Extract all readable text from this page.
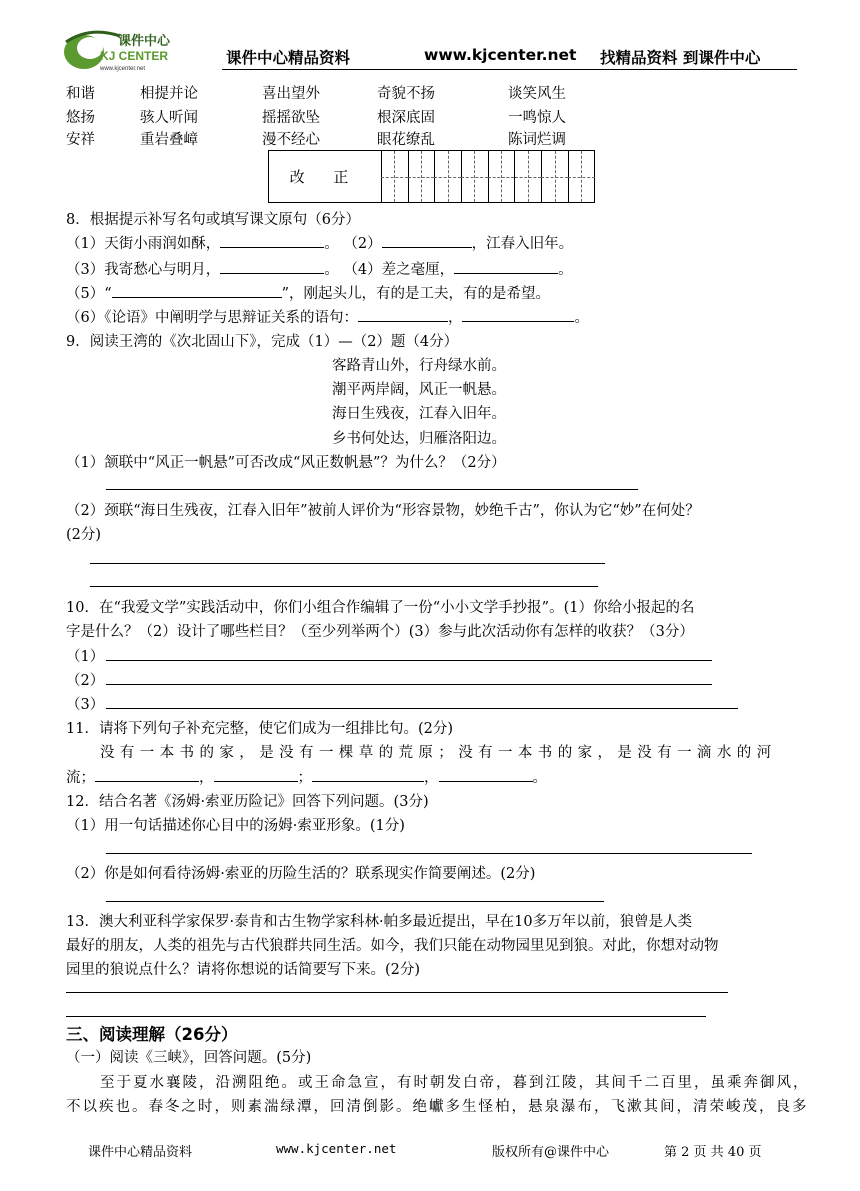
课件中心
KJ CENTER
www.kjcenter.net
课件中心精品资料	www.kjcenter.net 找精品资料 到课件中心
和谐	相提并论	喜出望外	奇貌不扬	谈笑风生
悠扬	骇人听闻	摇摇欲坠	根深底固	一鸣惊人
安祥	重岩叠嶂	漫不经心	眼花缭乱	陈词烂调
改 正
8．根据提示补写名句或填写课文原句（6分）
（1）天街小雨润如酥，	。 （2）	，江春入旧年。
（3）我寄愁心与明月，	。 （4）差之毫厘，	。
（5）“	”，刚起头儿，有的是工夫，有的是希望。
（6）《论语》中阐明学与思辩证关系的语句：	，	。
9．阅读王湾的《次北固山下》，完成（1）—（2）题（4分）
客路青山外，行舟绿水前。
潮平两岸阔，风正一帆悬。
海日生残夜，江春入旧年。
乡书何处达，归雁洛阳边。
（1）颔联中“风正一帆悬”可否改成“风正数帆悬”？为什么？（2分）
（2）颈联“海日生残夜，江春入旧年”被前人评价为“形容景物，妙绝千古”，你认为它“妙”在何处？
(2分)
10．在“我爱文学”实践活动中，你们小组合作编辑了一份“小小文学手抄报”。(1）你给小报起的名
字是什么？（2）设计了哪些栏目？（至少列举两个）(3）参与此次活动你有怎样的收获？（3分）
（1）
（2）
（3）
11．请将下列句子补充完整，使它们成为一组排比句。(2分)
没有一本书的家，是没有一棵草的荒原；没有一本书的家，是没有一滴水的河
流；	，	；	，	。
12．结合名著《汤姆·索亚历险记》回答下列问题。(3分)
（1）用一句话描述你心目中的汤姆·索亚形象。(1分)
（2）你是如何看待汤姆·索亚的历险生活的？联系现实作简要阐述。(2分)
13．澳大利亚科学家保罗·泰肯和古生物学家科林·帕多最近提出，早在10多万年以前，狼曾是人类
最好的朋友，人类的祖先与古代狼群共同生活。如今，我们只能在动物园里见到狼。对此，你想对动物
园里的狼说点什么？请将你想说的话简要写下来。(2分)
三、阅读理解（26分）
（一）阅读《三峡》，回答问题。(5分)
至于夏水襄陵，沿溯阻绝。或王命急宣，有时朝发白帝，暮到江陵，其间千二百里，虽乘奔御风，
不以疾也。春冬之时，则素湍绿潭，回清倒影。绝巘多生怪柏，悬泉瀑布，飞漱其间，清荣峻茂，良多
课件中心精品资料	www.kjcenter.net	版权所有@课件中心	第 2 页 共 40 页
